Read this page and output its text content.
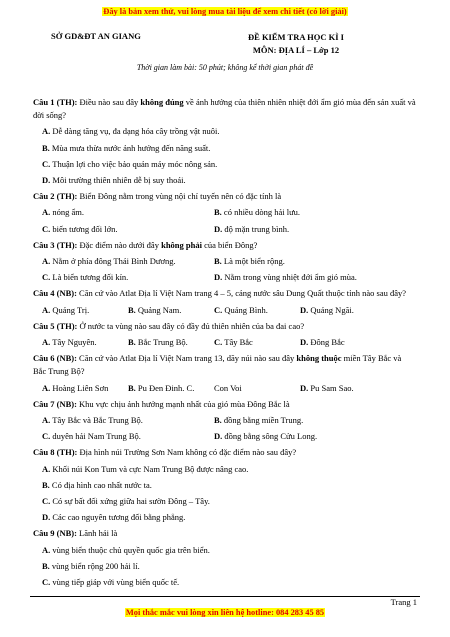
Đây là bản xem thử, vui lòng mua tài liệu để xem chi tiết (có lời giải)
SỞ GD&ĐT AN GIANG	ĐỀ KIỂM TRA HỌC KÌ I
MÔN: ĐỊA LÍ – Lớp 12
Thời gian làm bài: 50 phút; không kể thời gian phát đề

Câu 1 (TH): Điều nào sau đây không đúng về ảnh hưởng của thiên nhiên nhiệt đới ẩm gió mùa đến sản xuất và đời sống?

A. Dễ dàng tăng vụ, đa dạng hóa cây trồng vật nuôi.

B. Mùa mưa thừa nước ảnh hưởng đến năng suất.

C. Thuận lợi cho việc bảo quản máy móc nông sản.

D. Môi trường thiên nhiên dễ bị suy thoái.

Câu 2 (TH): Biển Đông nằm trong vùng nội chí tuyến nên có đặc tính là

A. nóng ẩm.	B. có nhiều dòng hải lưu.
C. biến tương đối lớn.	D. độ mặn trung bình.

Câu 3 (TH): Đặc điểm nào dưới đây không phải của biển Đông?

A. Nằm ở phía đông Thái Bình Dương.	B. Là một biển rộng.
C. Là biển tương đối kín.	D. Nằm trong vùng nhiệt đới ẩm gió mùa.

Câu 4 (NB): Căn cứ vào Atlat Địa lí Việt Nam trang 4 – 5, cảng nước sâu Dung Quất thuộc tỉnh nào sau đây?

A. Quảng Trị.	B. Quảng Nam.	C. Quảng Bình.	D. Quảng Ngãi.

Câu 5 (TH): Ở nước ta vùng nào sau đây có đầy đủ thiên nhiên của ba đai cao?

A. Tây Nguyên.	B. Bắc Trung Bộ.	C. Tây Bắc	D. Đông Bắc

Câu 6 (NB): Căn cứ vào Atlat Địa lí Việt Nam trang 13, dãy núi nào sau đây không thuộc miền Tây Bắc và Bắc Trung Bộ?

A. Hoàng Liên Sơn	B. Pu Đen Đinh. C.	Con Voi	D. Pu Sam Sao.

Câu 7 (NB): Khu vực chịu ảnh hưởng mạnh nhất của gió mùa Đông Bắc là

A. Tây Bắc và Bắc Trung Bộ.	B. đồng bằng miền Trung.
C. duyên hải Nam Trung Bộ.	D. đồng bằng sông Cửu Long.

Câu 8 (TH): Địa hình núi Trường Sơn Nam không có đặc điểm nào sau đây?

A. Khối núi Kon Tum và cực Nam Trung Bộ được nâng cao.

B. Có địa hình cao nhất nước ta.

C. Có sự bất đối xứng giữa hai sườn Đông – Tây.

D. Các cao nguyên tương đối bằng phẳng.

Câu 9 (NB): Lãnh hải là

A. vùng biển thuộc chủ quyền quốc gia trên biển.

B. vùng biển rộng 200 hải lí.

C. vùng tiếp giáp với vùng biển quốc tế.

Trang 1
Mọi thắc mắc vui lòng xin liên hệ hotline: 084 283 45 85
